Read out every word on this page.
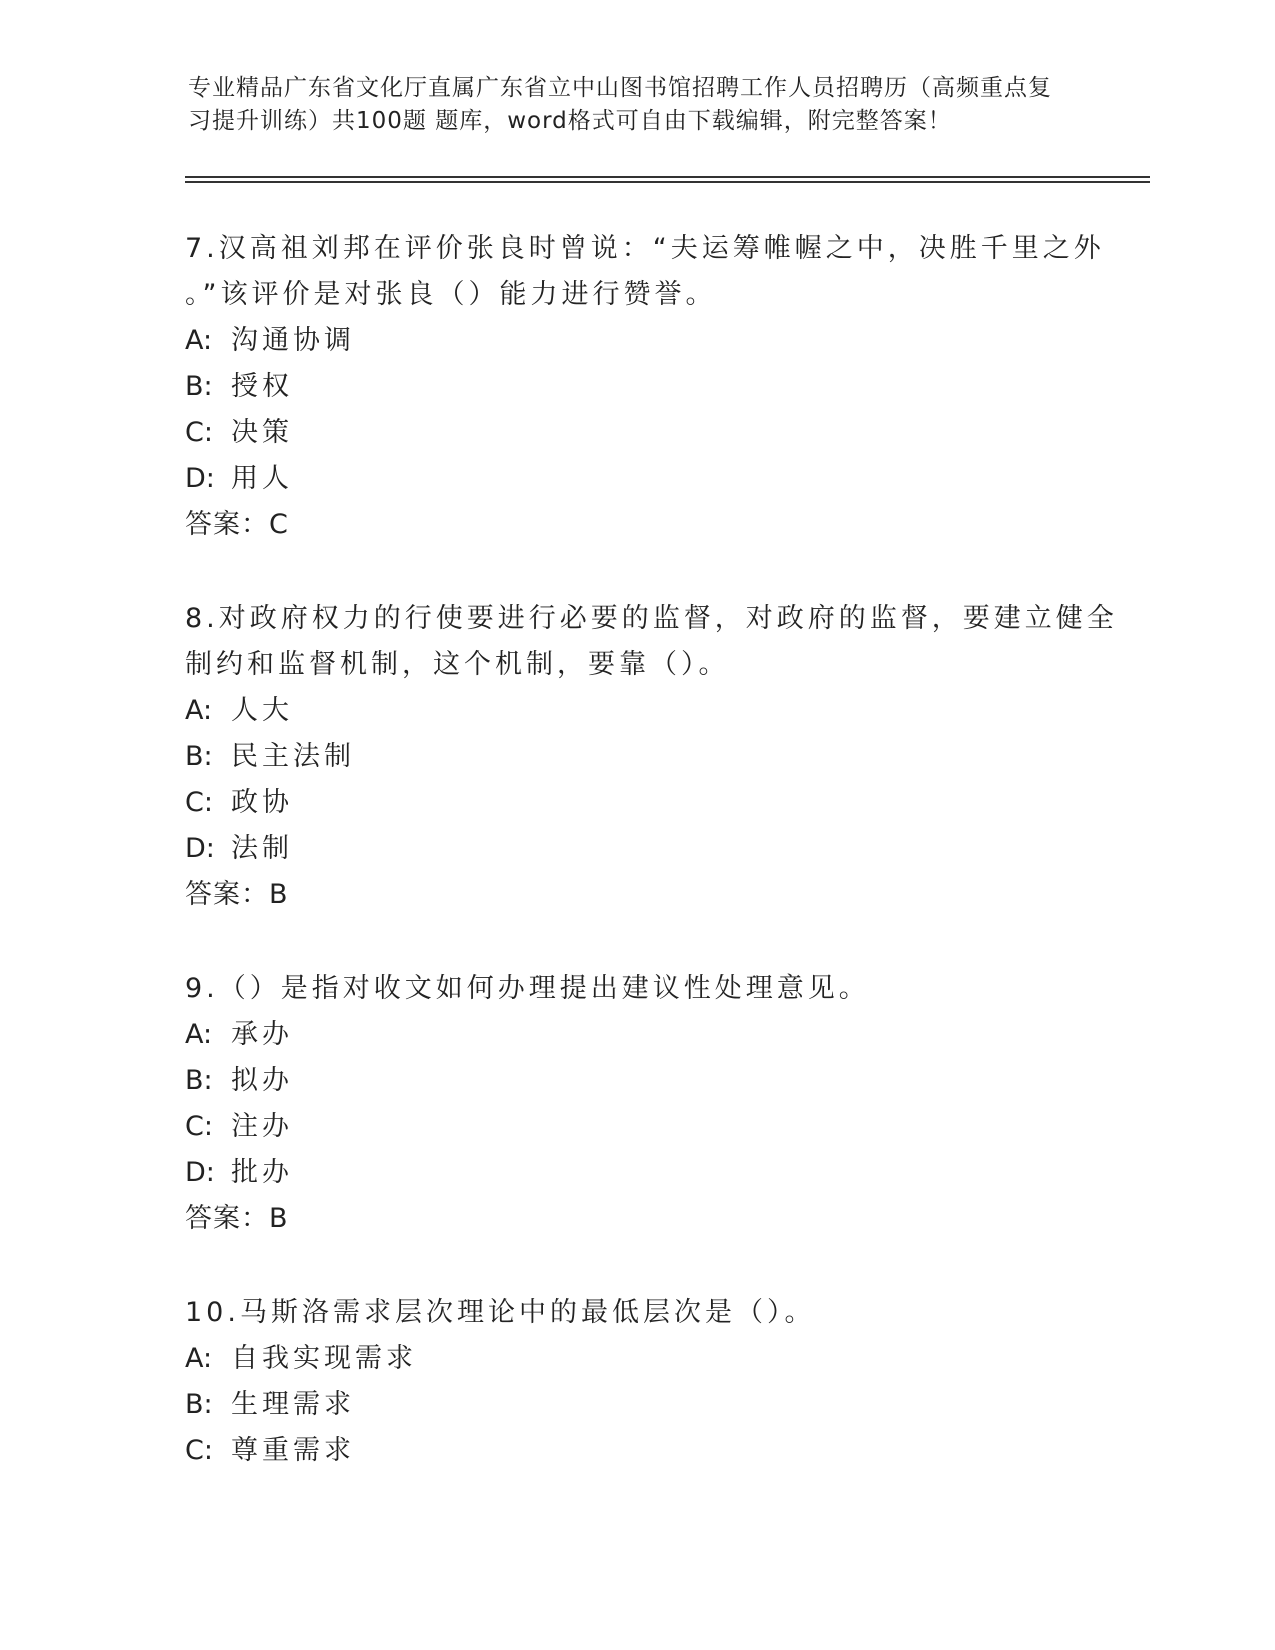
专业精品广东省文化厅直属广东省立中山图书馆招聘工作人员招聘历（高频重点复
习提升训练）共100题 题库，word格式可自由下载编辑，附完整答案！
7.汉高祖刘邦在评价张良时曾说：“夫运筹帷幄之中，决胜千里之外
。”该评价是对张良（）能力进行赞誉。
A: 沟通协调
B: 授权
C: 决策
D: 用人
答案：C
8.对政府权力的行使要进行必要的监督，对政府的监督，要建立健全
制约和监督机制，这个机制，要靠（）。
A: 人大
B: 民主法制
C: 政协
D: 法制
答案：B
9.（）是指对收文如何办理提出建议性处理意见。
A: 承办
B: 拟办
C: 注办
D: 批办
答案：B
10.马斯洛需求层次理论中的最低层次是（）。
A: 自我实现需求
B: 生理需求
C: 尊重需求
